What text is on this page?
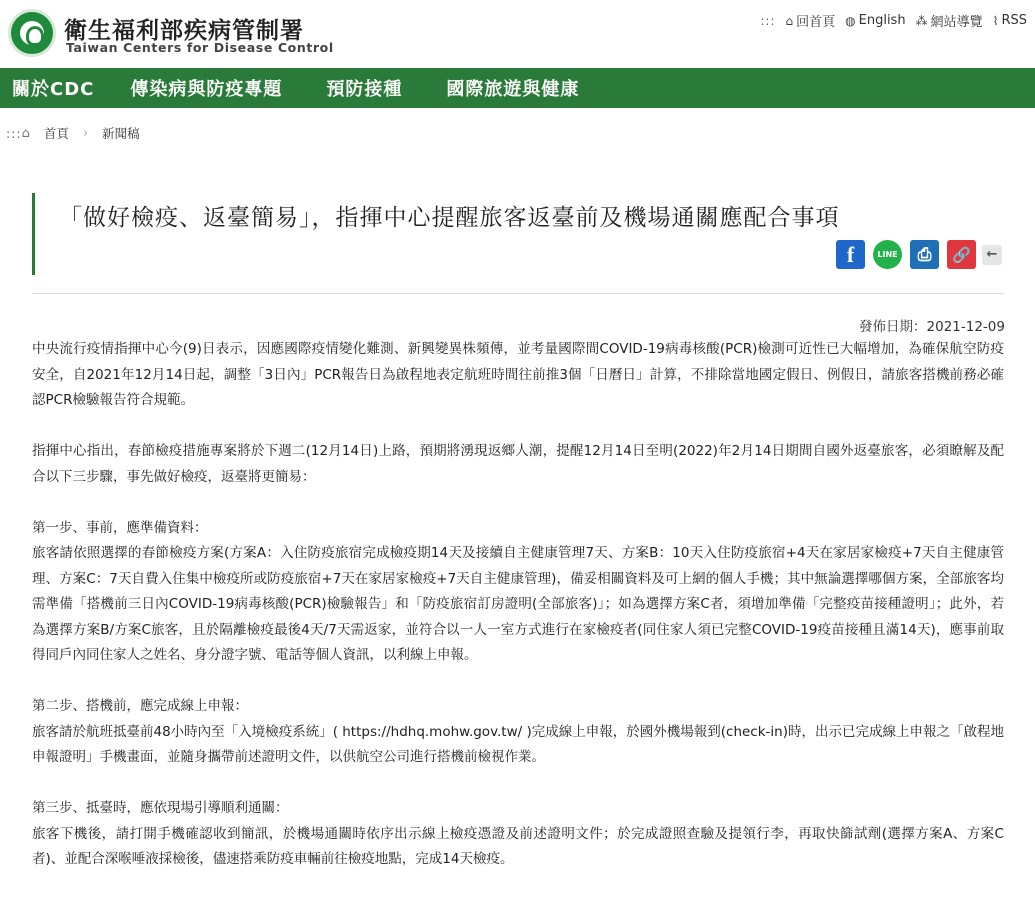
衛生福利部疾病管制署
Taiwan Centers for Disease Control
::: ⌂ 回首頁 ◍ English ⁂ 網站導覽 ⌇ RSS
關於CDC 傳染病與防疫專題 預防接種 國際旅遊與健康
::: ⌂ 首頁 › 新聞稿
「做好檢疫、返臺簡易」，指揮中心提醒旅客返臺前及機場通關應配合事項
f	LINE ⎙ 🔗 ←
發佈日期：2021-12-09

中央流行疫情指揮中心今(9)日表示，因應國際疫情變化難測、新興變異株頻傳，並考量國際間COVID-19病毒核酸(PCR)檢測可近性已大幅增加，為確保航空防疫安全，自2021年12月14日起，調整「3日內」PCR報告日為啟程地表定航班時間往前推3個「日曆日」計算，不排除當地國定假日、例假日，請旅客搭機前務必確認PCR檢驗報告符合規範。

指揮中心指出，春節檢疫措施專案將於下週二(12月14日)上路，預期將湧現返鄉人潮，提醒12月14日至明(2022)年2月14日期間自國外返臺旅客，必須瞭解及配合以下三步驟，事先做好檢疫，返臺將更簡易：

第一步、事前，應準備資料：

旅客請依照選擇的春節檢疫方案(方案A：入住防疫旅宿完成檢疫期14天及接續自主健康管理7天、方案B：10天入住防疫旅宿+4天在家居家檢疫+7天自主健康管理、方案C：7天自費入住集中檢疫所或防疫旅宿+7天在家居家檢疫+7天自主健康管理)，備妥相關資料及可上網的個人手機；其中無論選擇哪個方案，全部旅客均需準備「搭機前三日內COVID-19病毒核酸(PCR)檢驗報告」和「防疫旅宿訂房證明(全部旅客)」；如為選擇方案C者，須增加準備「完整疫苗接種證明」；此外，若為選擇方案B/方案C旅客，且於隔離檢疫最後4天/7天需返家，並符合以一人一室方式進行在家檢疫者(同住家人須已完整COVID-19疫苗接種且滿14天)，應事前取得同戶內同住家人之姓名、身分證字號、電話等個人資訊，以利線上申報。

第二步、搭機前，應完成線上申報：

旅客請於航班抵臺前48小時內至「入境檢疫系統」( https://hdhq.mohw.gov.tw/ )完成線上申報，於國外機場報到(check-in)時，出示已完成線上申報之「啟程地申報證明」手機畫面，並隨身攜帶前述證明文件，以供航空公司進行搭機前檢視作業。

第三步、抵臺時，應依現場引導順利通關：

旅客下機後，請打開手機確認收到簡訊，於機場通關時依序出示線上檢疫憑證及前述證明文件；於完成證照查驗及提領行李，再取快篩試劑(選擇方案A、方案C者)、並配合深喉唾液採檢後，儘速搭乘防疫車輛前往檢疫地點，完成14天檢疫。
